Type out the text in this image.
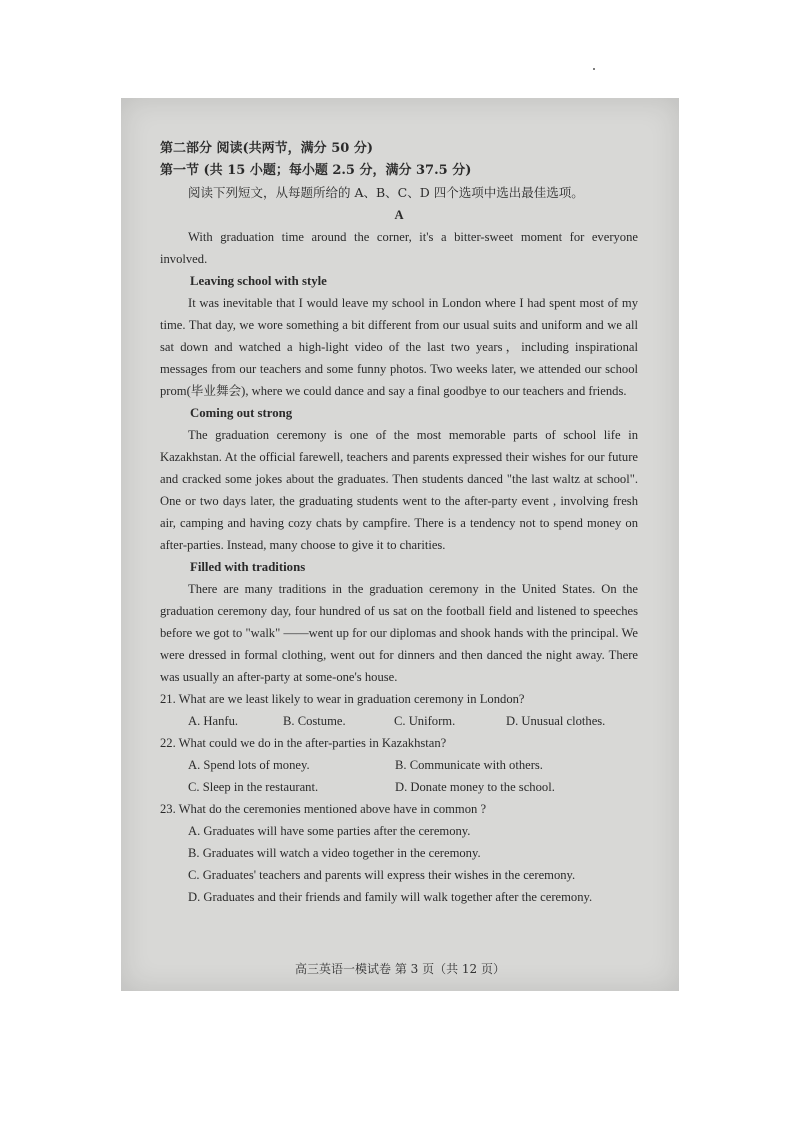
第二部分 阅读(共两节，满分 50 分)
第一节 (共 15 小题；每小题 2.5 分，满分 37.5 分)
阅读下列短文，从每题所给的 A、B、C、D 四个选项中选出最佳选项。

A

With graduation time around the corner, it's a bitter-sweet moment for everyone involved.

Leaving school with style

It was inevitable that I would leave my school in London where I had spent most of my time. That day, we wore something a bit different from our usual suits and uniform and we all sat down and watched a high-light video of the last two years，including inspirational messages from our teachers and some funny photos. Two weeks later, we attended our school prom(毕业舞会), where we could dance and say a final goodbye to our teachers and friends.

Coming out strong

The graduation ceremony is one of the most memorable parts of school life in Kazakhstan. At the official farewell, teachers and parents expressed their wishes for our future and cracked some jokes about the graduates. Then students danced "the last waltz at school". One or two days later, the graduating students went to the after-party event , involving fresh air, camping and having cozy chats by campfire. There is a tendency not to spend money on after-parties. Instead, many choose to give it to charities.

Filled with traditions

There are many traditions in the graduation ceremony in the United States. On the graduation ceremony day, four hundred of us sat on the football field and listened to speeches before we got to "walk" ——went up for our diplomas and shook hands with the principal. We were dressed in formal clothing, went out for dinners and then danced the night away. There was usually an after-party at some-one's house.

21. What are we least likely to wear in graduation ceremony in London?

A. Hanfu.	B. Costume.	C. Uniform.	D. Unusual clothes.

22. What could we do in the after-parties in Kazakhstan?

A. Spend lots of money.	B. Communicate with others.
C. Sleep in the restaurant.	D. Donate money to the school.

23. What do the ceremonies mentioned above have in common ?

A. Graduates will have some parties after the ceremony.

B. Graduates will watch a video together in the ceremony.

C. Graduates' teachers and parents will express their wishes in the ceremony.

D. Graduates and their friends and family will walk together after the ceremony.

高三英语一模试卷 第 3 页（共 12 页）
